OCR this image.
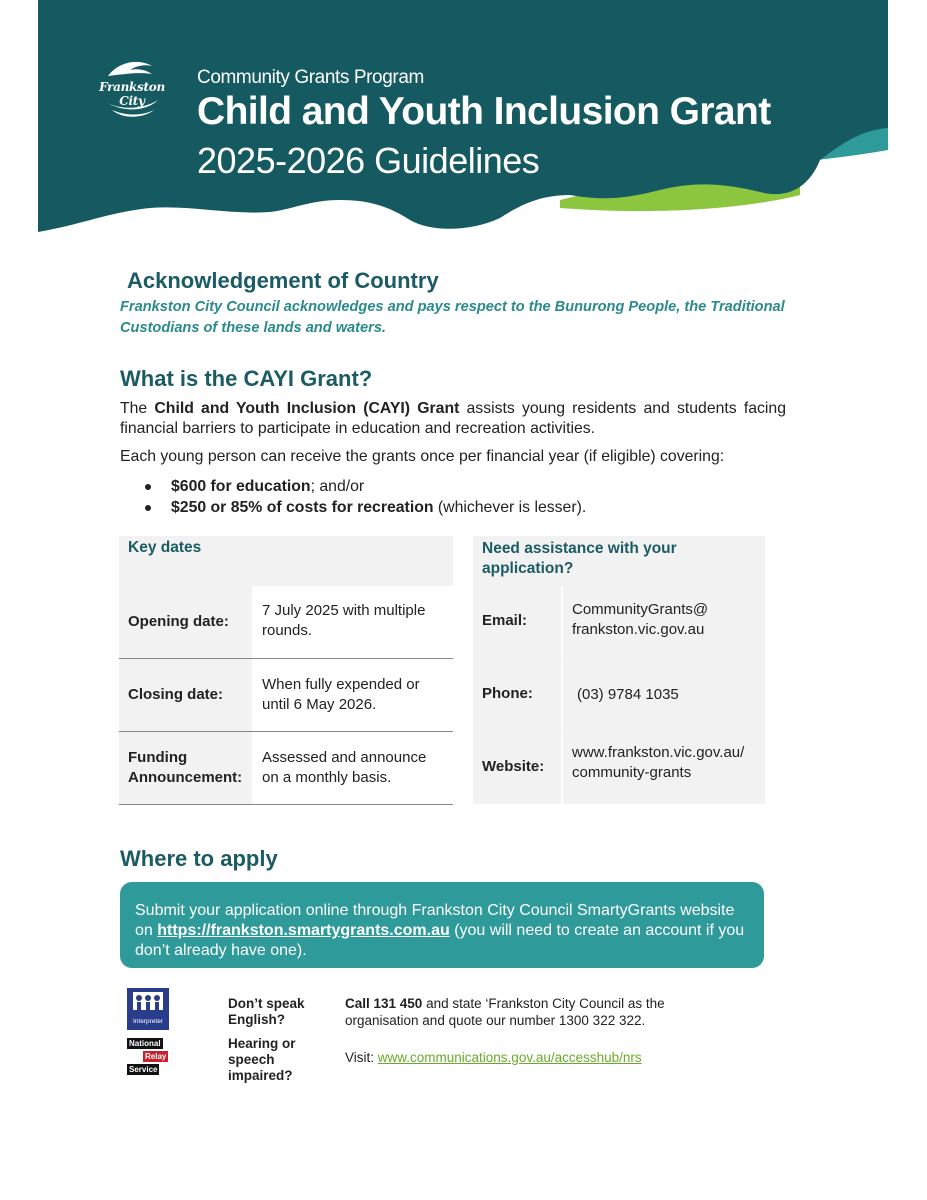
Frankston City
Community Grants Program
Child and Youth Inclusion Grant
2025-2026 Guidelines
Acknowledgement of Country
Frankston City Council acknowledges and pays respect to the Bunurong People, the Traditional Custodians of these lands and waters.
What is the CAYI Grant?
The Child and Youth Inclusion (CAYI) Grant assists young residents and students facing financial barriers to participate in education and recreation activities.
Each young person can receive the grants once per financial year (if eligible) covering:
$600 for education; and/or
$250 or 85% of costs for recreation (whichever is lesser).
Key dates
Opening date:
7 July 2025 with multiple rounds.
Closing date:
When fully expended or until 6 May 2026.
Funding Announcement:
Assessed and announce on a monthly basis.
Need assistance with your application?
Email:
CommunityGrants@ frankston.vic.gov.au
Phone:	(03) 9784 1035
Website:
www.frankston.vic.gov.au/ community-grants
Where to apply
Submit your application online through Frankston City Council SmartyGrants website on https://frankston.smartygrants.com.au (you will need to create an account if you don’t already have one).
Interpreter
National
Relay
Service
Don’t speak English?
Hearing or speech impaired?
Call 131 450 and state ‘Frankston City Council as the organisation and quote our number 1300 322 322.
Visit: www.communications.gov.au/accesshub/nrs
